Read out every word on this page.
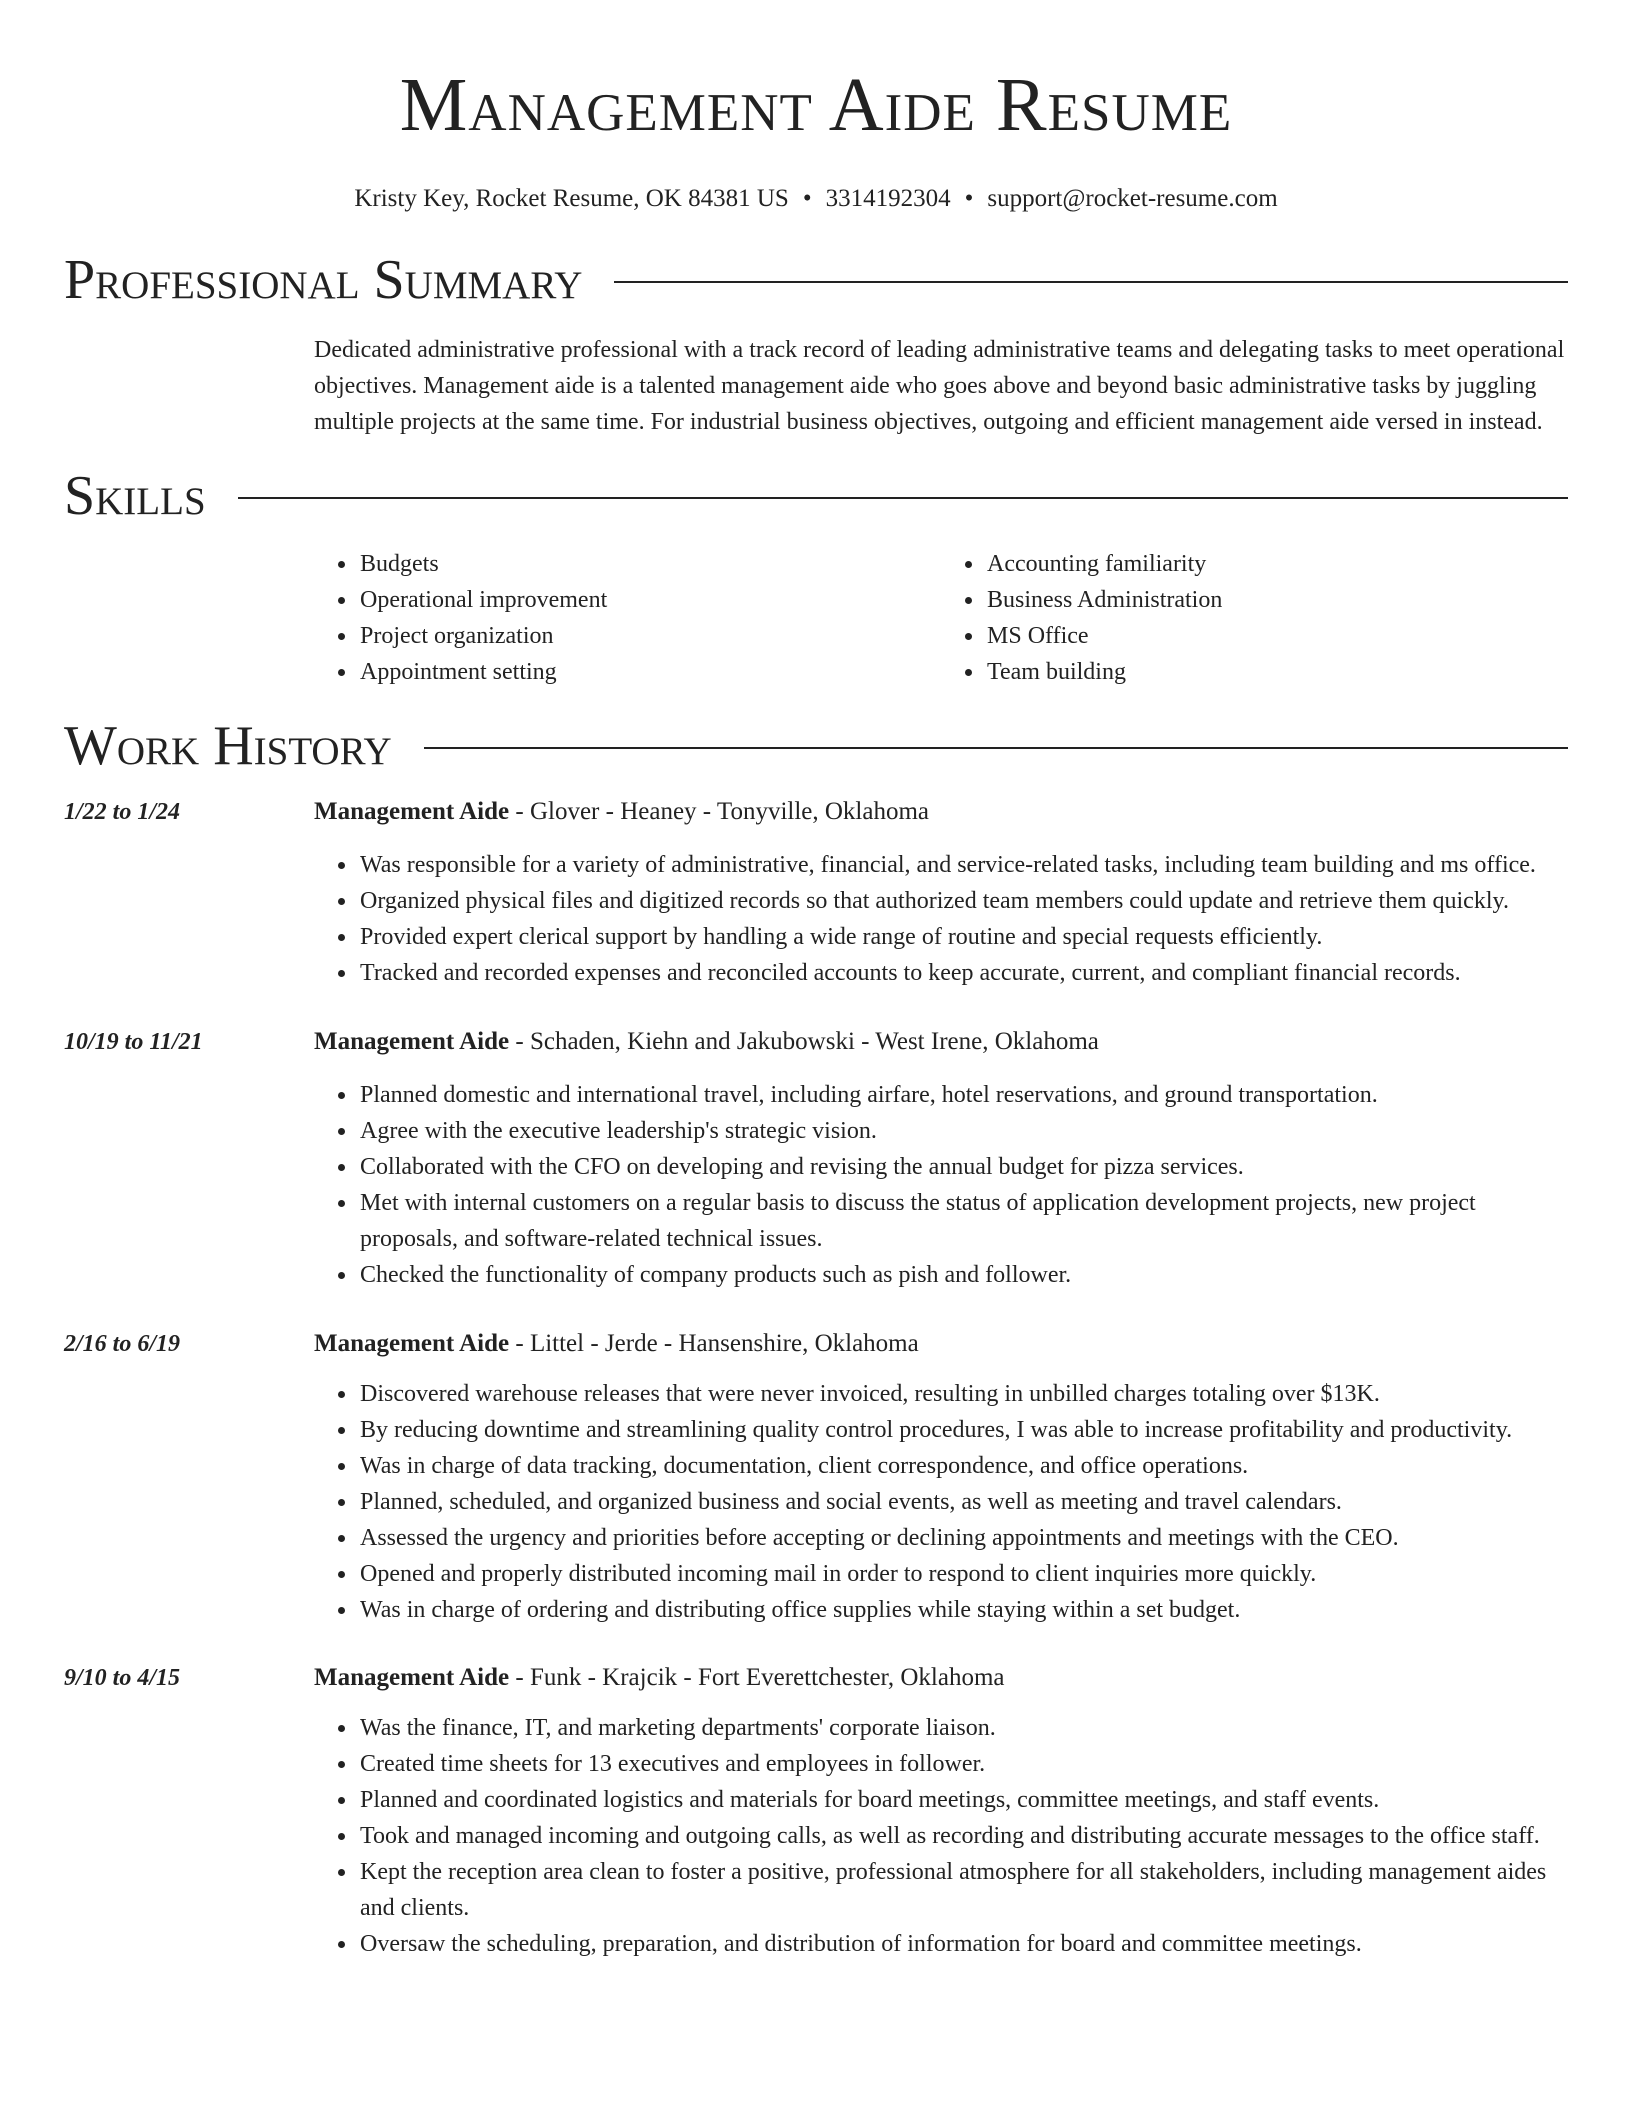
Management Aide Resume
Kristy Key, Rocket Resume, OK 84381 US • 3314192304 • support@rocket-resume.com
Professional Summary
Dedicated administrative professional with a track record of leading administrative teams and delegating tasks to meet operational objectives. Management aide is a talented management aide who goes above and beyond basic administrative tasks by juggling multiple projects at the same time. For industrial business objectives, outgoing and efficient management aide versed in instead.
Skills
• Budgets
• Operational improvement
• Project organization
• Appointment setting
• Accounting familiarity
• Business Administration
• MS Office
• Team building
Work History
1/22 to 1/24	Management Aide - Glover - Heaney - Tonyville, Oklahoma
• Was responsible for a variety of administrative, financial, and service-related tasks, including team building and ms office.
• Organized physical files and digitized records so that authorized team members could update and retrieve them quickly.
• Provided expert clerical support by handling a wide range of routine and special requests efficiently.
• Tracked and recorded expenses and reconciled accounts to keep accurate, current, and compliant financial records.
10/19 to 11/21	Management Aide - Schaden, Kiehn and Jakubowski - West Irene, Oklahoma
• Planned domestic and international travel, including airfare, hotel reservations, and ground transportation.
• Agree with the executive leadership's strategic vision.
• Collaborated with the CFO on developing and revising the annual budget for pizza services.
• Met with internal customers on a regular basis to discuss the status of application development projects, new project proposals, and software-related technical issues.
• Checked the functionality of company products such as pish and follower.
2/16 to 6/19	Management Aide - Littel - Jerde - Hansenshire, Oklahoma
• Discovered warehouse releases that were never invoiced, resulting in unbilled charges totaling over $13K.
• By reducing downtime and streamlining quality control procedures, I was able to increase profitability and productivity.
• Was in charge of data tracking, documentation, client correspondence, and office operations.
• Planned, scheduled, and organized business and social events, as well as meeting and travel calendars.
• Assessed the urgency and priorities before accepting or declining appointments and meetings with the CEO.
• Opened and properly distributed incoming mail in order to respond to client inquiries more quickly.
• Was in charge of ordering and distributing office supplies while staying within a set budget.
9/10 to 4/15	Management Aide - Funk - Krajcik - Fort Everettchester, Oklahoma
• Was the finance, IT, and marketing departments' corporate liaison.
• Created time sheets for 13 executives and employees in follower.
• Planned and coordinated logistics and materials for board meetings, committee meetings, and staff events.
• Took and managed incoming and outgoing calls, as well as recording and distributing accurate messages to the office staff.
• Kept the reception area clean to foster a positive, professional atmosphere for all stakeholders, including management aides and clients.
• Oversaw the scheduling, preparation, and distribution of information for board and committee meetings.
